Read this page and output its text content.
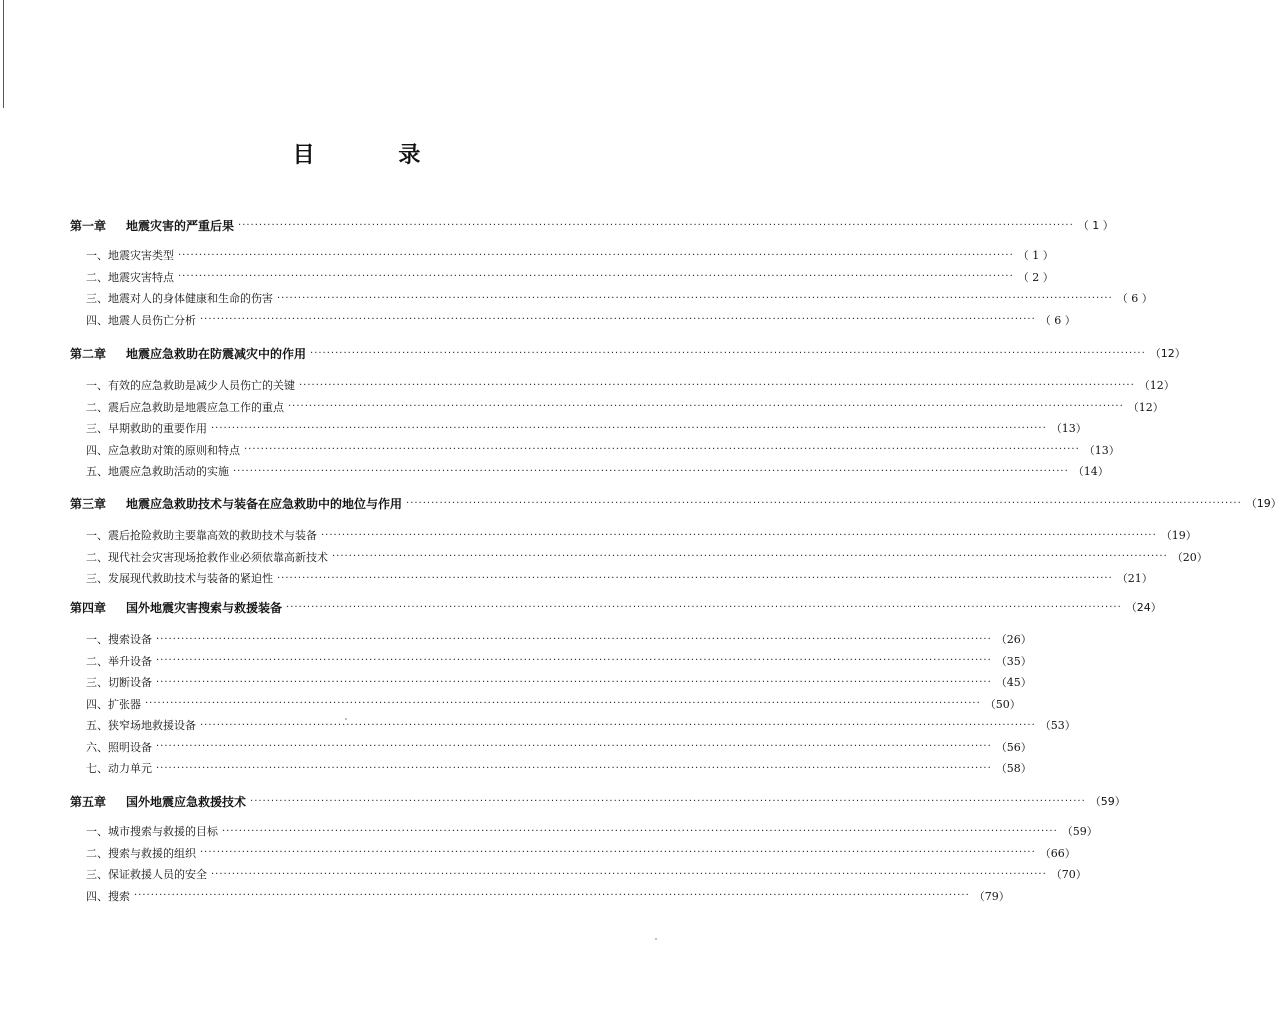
目 录
第一章	地震灾害的严重后果 ········································································································································································································ （ 1 ）
一、 地震灾害类型 ········································································································································································································ （ 1 ）
二、 地震灾害特点 ········································································································································································································ （ 2 ）
三、 地震对人的身体健康和生命的伤害 ········································································································································································································ （ 6 ）
四、 地震人员伤亡分析 ········································································································································································································ （ 6 ）
第二章	地震应急救助在防震减灾中的作用 ········································································································································································································ （12）
一、 有效的应急救助是减少人员伤亡的关键 ········································································································································································································ （12）
二、 震后应急救助是地震应急工作的重点 ········································································································································································································ （12）
三、 早期救助的重要作用 ········································································································································································································ （13）
四、 应急救助对策的原则和特点 ········································································································································································································ （13）
五、 地震应急救助活动的实施 ········································································································································································································ （14）
第三章	地震应急救助技术与装备在应急救助中的地位与作用 ········································································································································································································ （19）
一、 震后抢险救助主要靠高效的救助技术与装备 ········································································································································································································ （19）
二、 现代社会灾害现场抢救作业必须依靠高新技术 ········································································································································································································ （20）
三、 发展现代救助技术与装备的紧迫性 ········································································································································································································ （21）
第四章	国外地震灾害搜索与救援装备 ········································································································································································································ （24）
一、 搜索设备 ········································································································································································································ （26）
二、 举升设备 ········································································································································································································ （35）
三、 切断设备 ········································································································································································································ （45）
四、 扩张器 ········································································································································································································ （50）
五、 狭窄场地救援设备 ········································································································································································································ （53）
六、 照明设备 ········································································································································································································ （56）
七、 动力单元 ········································································································································································································ （58）
第五章	国外地震应急救援技术 ········································································································································································································ （59）
一、 城市搜索与救援的目标 ········································································································································································································ （59）
二、 搜索与救援的组织 ········································································································································································································ （66）
三、 保证救援人员的安全 ········································································································································································································ （70）
四、 搜索 ········································································································································································································ （79）
